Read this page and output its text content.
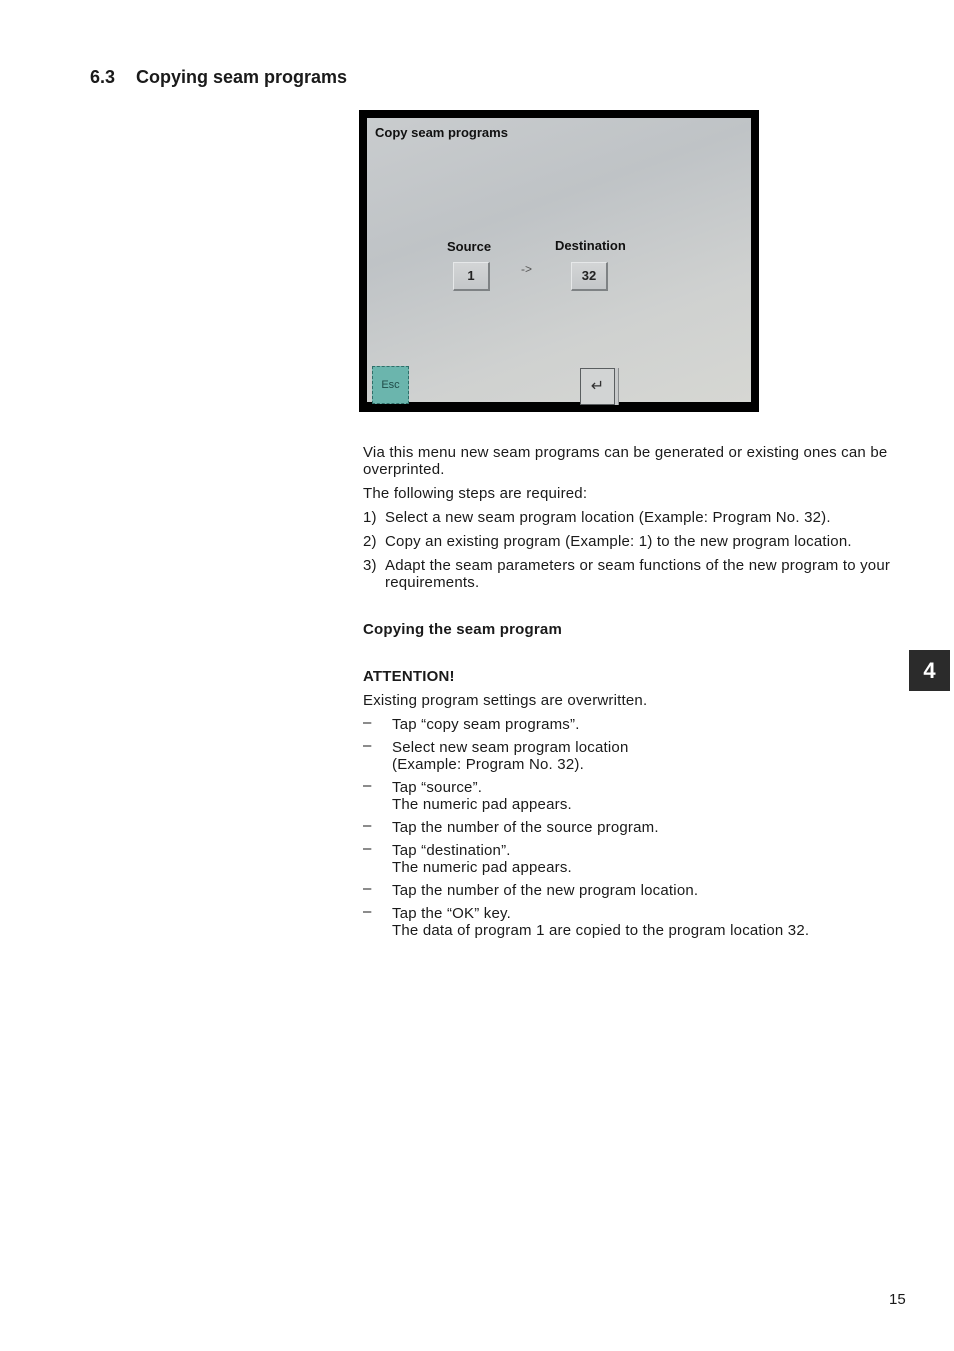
6.3 Copying seam programs
Copy seam programs
Source	Destination
1	->	32
Esc	↵

Via this menu new seam programs can be generated or existing ones can be overprinted.

The following steps are required:

1) Select a new seam program location (Example: Program No. 32).
2) Copy an existing program (Example: 1) to the new program location.
3) Adapt the seam parameters or seam functions of the new program to your requirements.

Copying the seam program

ATTENTION!

Existing program settings are overwritten.

– Tap “copy seam programs”.
– Select new seam program location
(Example: Program No. 32).
– Tap “source”.
The numeric pad appears.
– Tap the number of the source program.
– Tap “destination”.
The numeric pad appears.
– Tap the number of the new program location.
– Tap the “OK” key.
The data of program 1 are copied to the program location 32.
4
15
